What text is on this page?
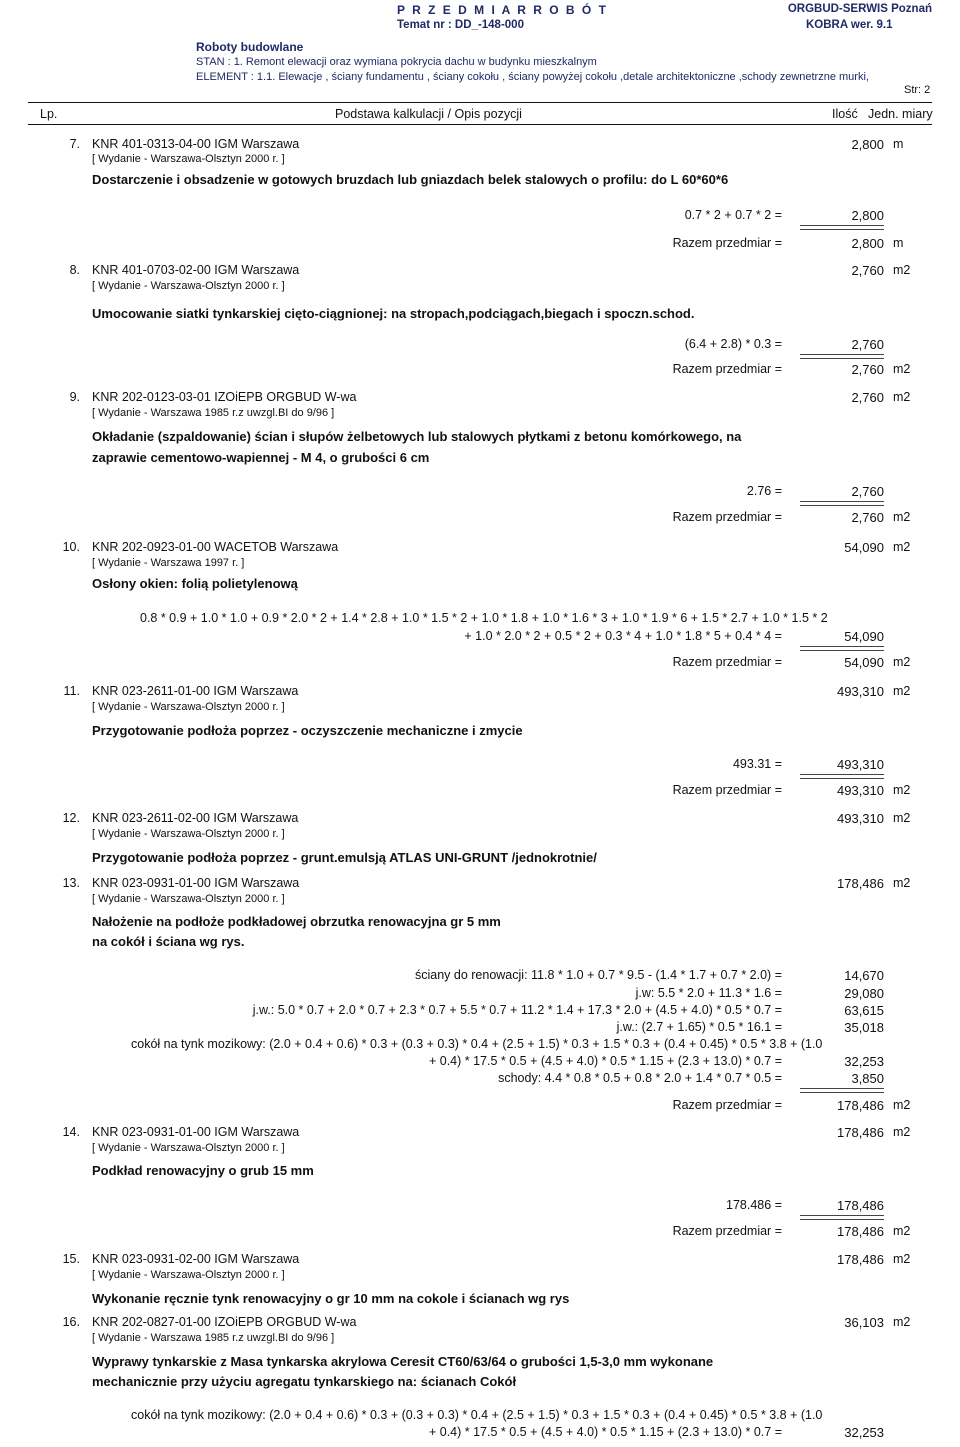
P R Z E D M I A R R O B Ó T	ORGBUD-SERWIS Poznań
Temat nr : DD_-148-000	KOBRA wer. 9.1
Roboty budowlane
STAN : 1. Remont elewacji oraz wymiana pokrycia dachu w budynku mieszkalnym
ELEMENT : 1.1. Elewacje , ściany fundamentu , ściany cokołu , ściany powyżej cokołu ,detale architektoniczne ,schody zewnetrzne murki,
Str: 2
Lp.	Podstawa kalkulacji / Opis pozycji	Ilość Jedn. miary
7. KNR 401-0313-04-00 IGM Warszawa	2,800 m
[ Wydanie - Warszawa-Olsztyn 2000 r. ]
Dostarczenie i obsadzenie w gotowych bruzdach lub gniazdach belek stalowych o profilu: do L 60*60*6
0.7 * 2 + 0.7 * 2 =	2,800
Razem przedmiar =	2,800 m
8. KNR 401-0703-02-00 IGM Warszawa	2,760 m2
[ Wydanie - Warszawa-Olsztyn 2000 r. ]
Umocowanie siatki tynkarskiej cięto-ciągnionej: na stropach,podciągach,biegach i spoczn.schod.
(6.4 + 2.8) * 0.3 =	2,760
Razem przedmiar =	2,760 m2
9. KNR 202-0123-03-01 IZOiEPB ORGBUD W-wa	2,760 m2
[ Wydanie - Warszawa 1985 r.z uwzgl.BI do 9/96 ]
Okładanie (szpaldowanie) ścian i słupów żelbetowych lub stalowych płytkami z betonu komórkowego, na
zaprawie cementowo-wapiennej - M 4, o grubości 6 cm
2.76 =	2,760
Razem przedmiar =	2,760 m2
10. KNR 202-0923-01-00 WACETOB Warszawa	54,090 m2
[ Wydanie - Warszawa 1997 r. ]
Osłony okien: folią polietylenową
0.8 * 0.9 + 1.0 * 1.0 + 0.9 * 2.0 * 2 + 1.4 * 2.8 + 1.0 * 1.5 * 2 + 1.0 * 1.8 + 1.0 * 1.6 * 3 + 1.0 * 1.9 * 6 + 1.5 * 2.7 + 1.0 * 1.5 * 2
+ 1.0 * 2.0 * 2 + 0.5 * 2 + 0.3 * 4 + 1.0 * 1.8 * 5 + 0.4 * 4 =	54,090
Razem przedmiar =	54,090 m2
11. KNR 023-2611-01-00 IGM Warszawa	493,310 m2
[ Wydanie - Warszawa-Olsztyn 2000 r. ]
Przygotowanie podłoża poprzez - oczyszczenie mechaniczne i zmycie
493.31 =	493,310
Razem przedmiar =	493,310 m2
12. KNR 023-2611-02-00 IGM Warszawa	493,310 m2
[ Wydanie - Warszawa-Olsztyn 2000 r. ]
Przygotowanie podłoża poprzez - grunt.emulsją ATLAS UNI-GRUNT /jednokrotnie/
13. KNR 023-0931-01-00 IGM Warszawa	178,486 m2
[ Wydanie - Warszawa-Olsztyn 2000 r. ]
Nałożenie na podłoże podkładowej obrzutka renowacyjna gr 5 mm
na cokół i ściana wg rys.
ściany do renowacji: 11.8 * 1.0 + 0.7 * 9.5 - (1.4 * 1.7 + 0.7 * 2.0) =	14,670
j.w: 5.5 * 2.0 + 11.3 * 1.6 =	29,080
j.w.: 5.0 * 0.7 + 2.0 * 0.7 + 2.3 * 0.7 + 5.5 * 0.7 + 11.2 * 1.4 + 17.3 * 2.0 + (4.5 + 4.0) * 0.5 * 0.7 =	63,615
j.w.: (2.7 + 1.65) * 0.5 * 16.1 =	35,018
cokół na tynk mozikowy: (2.0 + 0.4 + 0.6) * 0.3 + (0.3 + 0.3) * 0.4 + (2.5 + 1.5) * 0.3 + 1.5 * 0.3 + (0.4 + 0.45) * 0.5 * 3.8 + (1.0
+ 0.4) * 17.5 * 0.5 + (4.5 + 4.0) * 0.5 * 1.15 + (2.3 + 13.0) * 0.7 =	32,253
schody: 4.4 * 0.8 * 0.5 + 0.8 * 2.0 + 1.4 * 0.7 * 0.5 =	3,850
Razem przedmiar =	178,486 m2
14. KNR 023-0931-01-00 IGM Warszawa	178,486 m2
[ Wydanie - Warszawa-Olsztyn 2000 r. ]
Podkład renowacyjny o grub 15 mm
178.486 =	178,486
Razem przedmiar =	178,486 m2
15. KNR 023-0931-02-00 IGM Warszawa	178,486 m2
[ Wydanie - Warszawa-Olsztyn 2000 r. ]
Wykonanie ręcznie tynk renowacyjny o gr 10 mm na cokole i ścianach wg rys
16. KNR 202-0827-01-00 IZOiEPB ORGBUD W-wa	36,103 m2
[ Wydanie - Warszawa 1985 r.z uwzgl.BI do 9/96 ]
Wyprawy tynkarskie z Masa tynkarska akrylowa Ceresit CT60/63/64 o grubości 1,5-3,0 mm wykonane
mechanicznie przy użyciu agregatu tynkarskiego na: ścianach Cokół
cokół na tynk mozikowy: (2.0 + 0.4 + 0.6) * 0.3 + (0.3 + 0.3) * 0.4 + (2.5 + 1.5) * 0.3 + 1.5 * 0.3 + (0.4 + 0.45) * 0.5 * 3.8 + (1.0
+ 0.4) * 17.5 * 0.5 + (4.5 + 4.0) * 0.5 * 1.15 + (2.3 + 13.0) * 0.7 =	32,253
